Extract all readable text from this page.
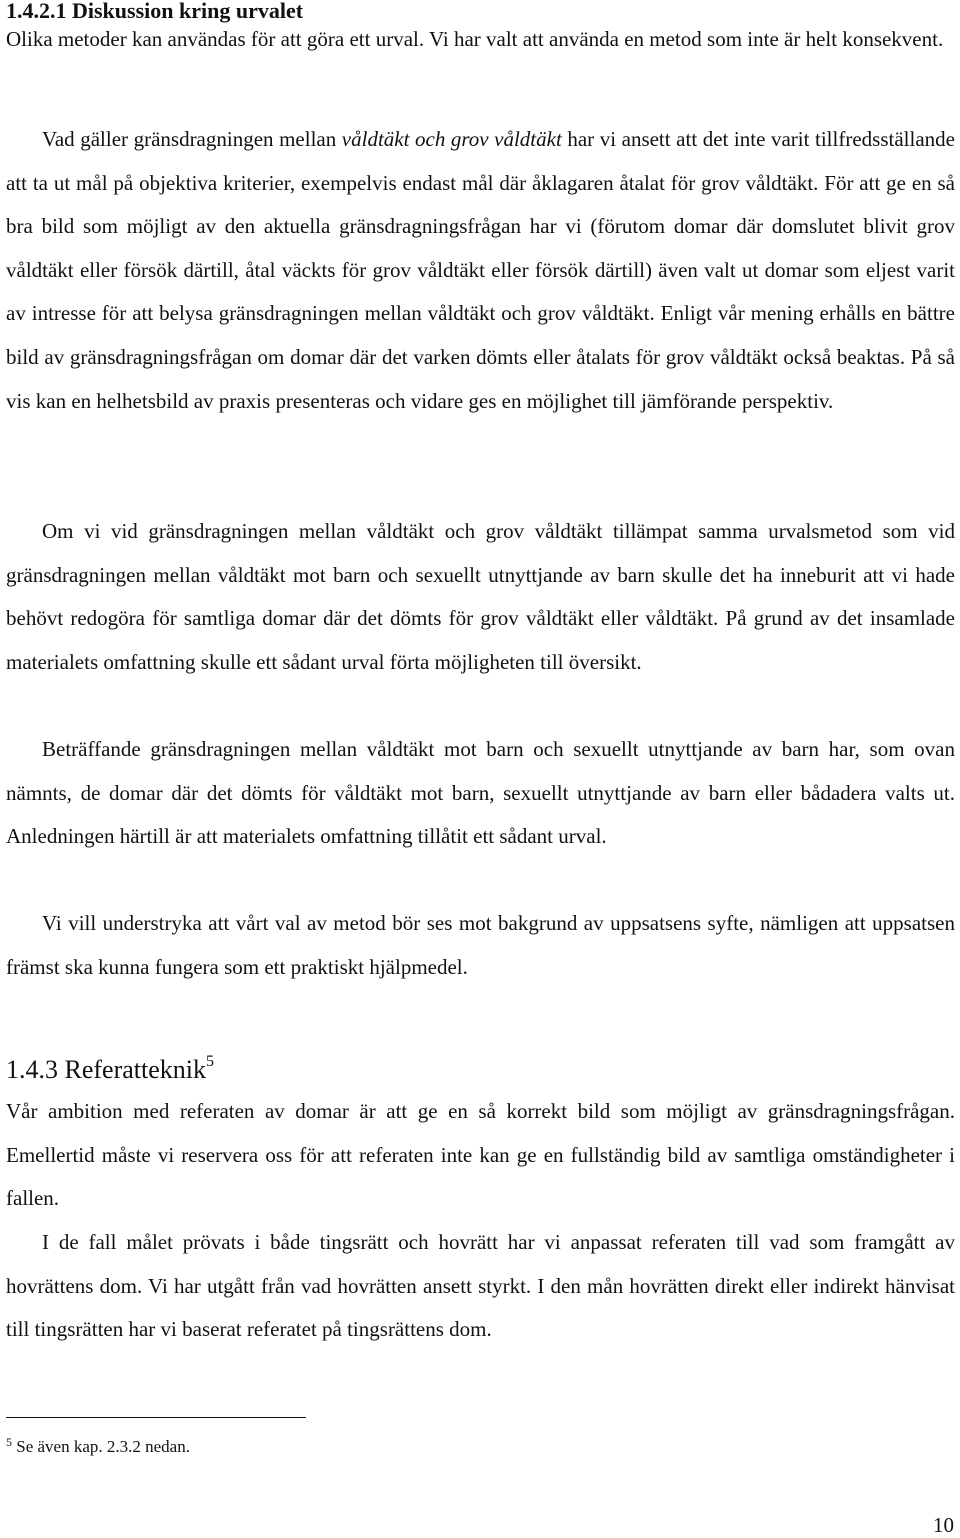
1.4.2.1 Diskussion kring urvalet

Olika metoder kan användas för att göra ett urval. Vi har valt att använda en metod som inte är helt konsekvent.

Vad gäller gränsdragningen mellan våldtäkt och grov våldtäkt har vi ansett att det inte varit tillfredsställande att ta ut mål på objektiva kriterier, exempelvis endast mål där åklagaren åtalat för grov våldtäkt. För att ge en så bra bild som möjligt av den aktuella gränsdragningsfrågan har vi (förutom domar där domslutet blivit grov våldtäkt eller försök därtill, åtal väckts för grov våldtäkt eller försök därtill) även valt ut domar som eljest varit av intresse för att belysa gränsdragningen mellan våldtäkt och grov våldtäkt. Enligt vår mening erhålls en bättre bild av gränsdragningsfrågan om domar där det varken dömts eller åtalats för grov våldtäkt också beaktas. På så vis kan en helhetsbild av praxis presenteras och vidare ges en möjlighet till jämförande perspektiv.

Om vi vid gränsdragningen mellan våldtäkt och grov våldtäkt tillämpat samma urvalsmetod som vid gränsdragningen mellan våldtäkt mot barn och sexuellt utnyttjande av barn skulle det ha inneburit att vi hade behövt redogöra för samtliga domar där det dömts för grov våldtäkt eller våldtäkt. På grund av det insamlade materialets omfattning skulle ett sådant urval förta möjligheten till översikt.

Beträffande gränsdragningen mellan våldtäkt mot barn och sexuellt utnyttjande av barn har, som ovan nämnts, de domar där det dömts för våldtäkt mot barn, sexuellt utnyttjande av barn eller bådadera valts ut. Anledningen härtill är att materialets omfattning tillåtit ett sådant urval.

Vi vill understryka att vårt val av metod bör ses mot bakgrund av uppsatsens syfte, nämligen att uppsatsen främst ska kunna fungera som ett praktiskt hjälpmedel.

1.4.3 Referatteknik$^5$

Vår ambition med referaten av domar är att ge en så korrekt bild som möjligt av gränsdragningsfrågan. Emellertid måste vi reservera oss för att referaten inte kan ge en fullständig bild av samtliga omständigheter i fallen.

I de fall målet prövats i både tingsrätt och hovrätt har vi anpassat referaten till vad som framgått av hovrättens dom. Vi har utgått från vad hovrätten ansett styrkt. I den mån hovrätten direkt eller indirekt hänvisat till tingsrätten har vi baserat referatet på tingsrättens dom.

$^5$ Se även kap. 2.3.2 nedan.
10
